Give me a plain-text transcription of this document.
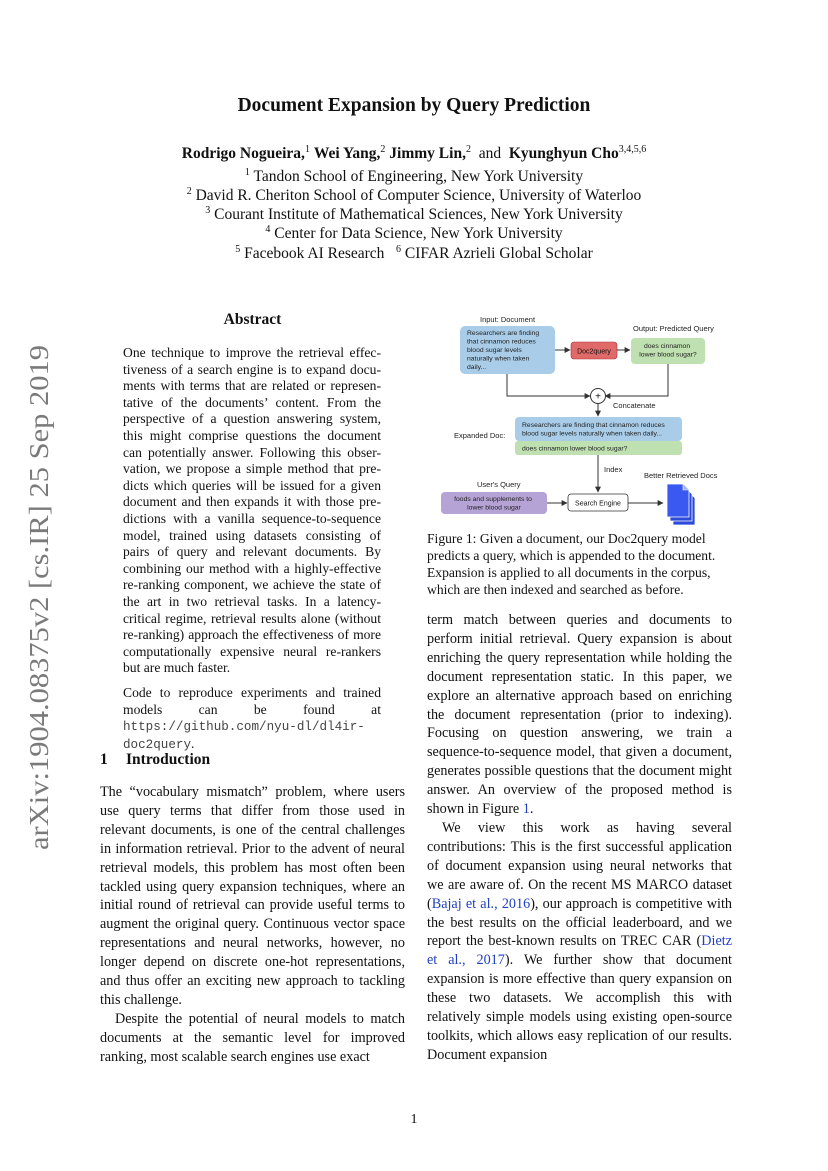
arXiv:1904.08375v2 [cs.IR] 25 Sep 2019
Document Expansion by Query Prediction
Rodrigo Nogueira,$^1$ Wei Yang,$^2$ Jimmy Lin,$^2$ and Kyunghyun Cho$^{3,4,5,6}$
$^1$ Tandon School of Engineering, New York University
$^2$ David R. Cheriton School of Computer Science, University of Waterloo
$^3$ Courant Institute of Mathematical Sciences, New York University
$^4$ Center for Data Science, New York University
$^5$ Facebook AI Research $^6$ CIFAR Azrieli Global Scholar
Abstract
One technique to improve the retrieval effec-
tiveness of a search engine is to expand docu-
ments with terms that are related or represen-
tative of the documents’ content. From the
perspective of a question answering system,
this might comprise questions the document
can potentially answer. Following this obser-
vation, we propose a simple method that pre-
dicts which queries will be issued for a given
document and then expands it with those pre-
dictions with a vanilla sequence-to-sequence
model, trained using datasets consisting of
pairs of query and relevant documents. By
combining our method with a highly-effective
re-ranking component, we achieve the state of
the art in two retrieval tasks. In a latency-
critical regime, retrieval results alone (without
re-ranking) approach the effectiveness of more
computationally expensive neural re-rankers
but are much faster.
Code to reproduce experiments and trained models can be found at https://github.com/nyu-dl/dl4ir-doc2query.
1 Introduction

The “vocabulary mismatch” problem, where users use query terms that differ from those used in relevant documents, is one of the central challenges in information retrieval. Prior to the advent of neural retrieval models, this problem has most often been tackled using query expansion techniques, where an initial round of retrieval can provide useful terms to augment the original query. Continuous vector space representations and neural networks, however, no longer depend on discrete one-hot representations, and thus offer an exciting new approach to tackling this challenge.

Despite the potential of neural models to match documents at the semantic level for improved ranking, most scalable search engines use exact

Input: Document
Researchers are finding that cinnamon reduces blood sugar levels naturally when taken daily...
Doc2query
Output: Predicted Query
does cinnamon lower blood sugar?
+
Concatenate
Expanded Doc:
Researchers are finding that cinnamon reduces blood sugar levels naturally when taken daily...
does cinnamon lower blood sugar?
Index
User's Query
foods and supplements to lower blood sugar
Search Engine
Better Retrieved Docs
Figure 1: Given a document, our Doc2query model
predicts a query, which is appended to the document.
Expansion is applied to all documents in the corpus,
which are then indexed and searched as before.

term match between queries and documents to perform initial retrieval. Query expansion is about enriching the query representation while holding the document representation static. In this paper, we explore an alternative approach based on enriching the document representation (prior to indexing). Focusing on question answering, we train a sequence-to-sequence model, that given a document, generates possible questions that the document might answer. An overview of the proposed method is shown in Figure 1.

We view this work as having several contributions: This is the first successful application of document expansion using neural networks that we are aware of. On the recent MS MARCO dataset (Bajaj et al., 2016), our approach is competitive with the best results on the official leaderboard, and we report the best-known results on TREC CAR (Dietz et al., 2017). We further show that document expansion is more effective than query expansion on these two datasets. We accomplish this with relatively simple models using existing open-source toolkits, which allows easy replication of our results. Document expansion

1
